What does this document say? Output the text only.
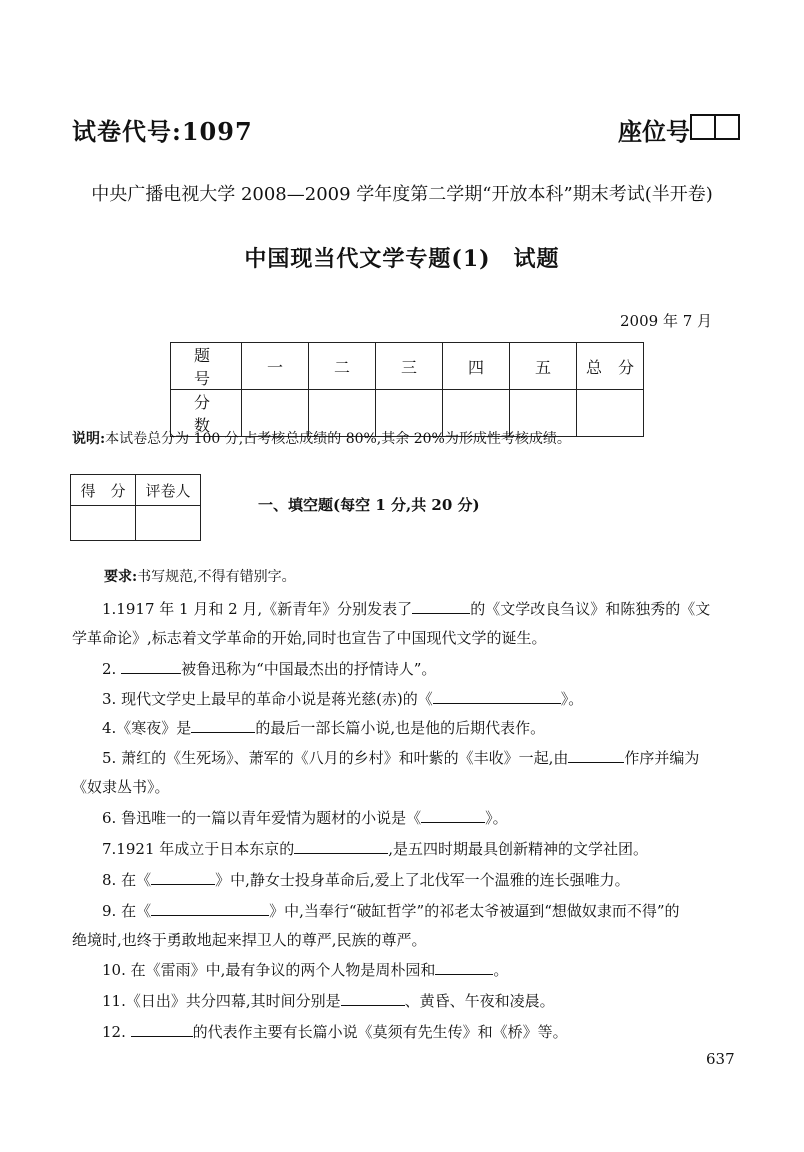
试卷代号:1097	座位号
中央广播电视大学 2008—2009 学年度第二学期“开放本科”期末考试(半开卷)
中国现当代文学专题(1)　试题
2009 年 7 月
题　号	一	二	三	四	五	总　分
分　数						
说明:本试卷总分为 100 分,占考核总成绩的 80%,其余 20%为形成性考核成绩。
得　分	评卷人

一、填空题(每空 1 分,共 20 分)
要求:书写规范,不得有错别字。
1.1917 年 1 月和 2 月,《新青年》分别发表了	的《文学改良刍议》和陈独秀的《文
学革命论》,标志着文学革命的开始,同时也宣告了中国现代文学的诞生。
2.	被鲁迅称为“中国最杰出的抒情诗人”。
3. 现代文学史上最早的革命小说是蒋光慈(赤)的《	》。
4.《寒夜》是	的最后一部长篇小说,也是他的后期代表作。
5. 萧红的《生死场》、萧军的《八月的乡村》和叶紫的《丰收》一起,由	作序并编为
《奴隶丛书》。
6. 鲁迅唯一的一篇以青年爱情为题材的小说是《	》。
7.1921 年成立于日本东京的	,是五四时期最具创新精神的文学社团。
8. 在《	》中,静女士投身革命后,爱上了北伐军一个温雅的连长强唯力。
9. 在《	》中,当奉行“破缸哲学”的祁老太爷被逼到“想做奴隶而不得”的
绝境时,也终于勇敢地起来捍卫人的尊严,民族的尊严。
10. 在《雷雨》中,最有争议的两个人物是周朴园和	。
11.《日出》共分四幕,其时间分别是	、黄昏、午夜和凌晨。
12.	的代表作主要有长篇小说《莫须有先生传》和《桥》等。
637
